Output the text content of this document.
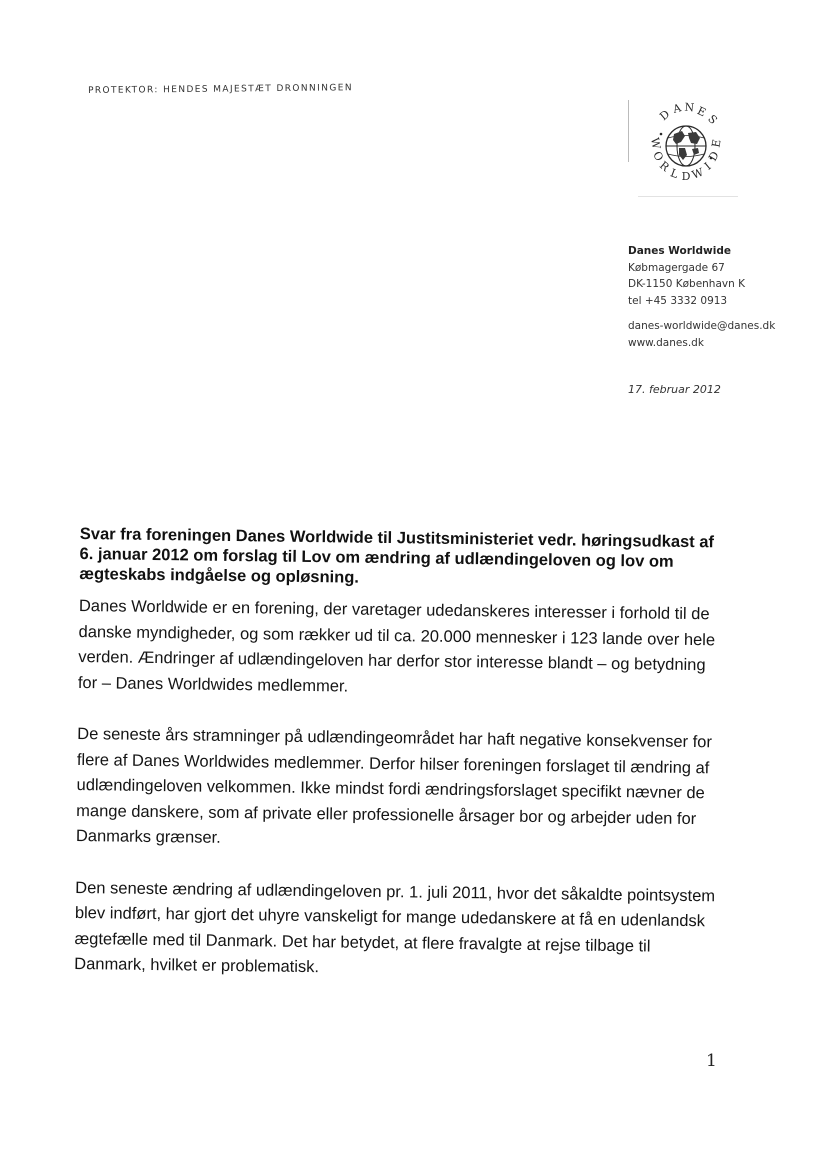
PROTEKTOR: HENDES MAJESTÆT DRONNINGEN
D A N E
S
W
O
R
L D W
I
D
E
Danes Worldwide
Købmagergade 67
DK-1150 København K
tel +45 3332 0913
danes-worldwide@danes.dk
www.danes.dk
17. februar 2012

Svar fra foreningen Danes Worldwide til Justitsministeriet vedr. høringsudkast af 6. januar 2012 om forslag til Lov om ændring af udlændingeloven og lov om ægteskabs indgåelse og opløsning.

Danes Worldwide er en forening, der varetager udedanskeres interesser i forhold til de danske myndigheder, og som rækker ud til ca. 20.000 mennesker i 123 lande over hele verden. Ændringer af udlændingeloven har derfor stor interesse blandt – og betydning for – Danes Worldwides medlemmer.

De seneste års stramninger på udlændingeområdet har haft negative konsekvenser for flere af Danes Worldwides medlemmer. Derfor hilser foreningen forslaget til ændring af udlændingeloven velkommen. Ikke mindst fordi ændringsforslaget specifikt nævner de mange danskere, som af private eller professionelle årsager bor og arbejder uden for Danmarks grænser.

Den seneste ændring af udlændingeloven pr. 1. juli 2011, hvor det såkaldte pointsystem blev indført, har gjort det uhyre vanskeligt for mange udedanskere at få en udenlandsk ægtefælle med til Danmark. Det har betydet, at flere fravalgte at rejse tilbage til Danmark, hvilket er problematisk.

1
